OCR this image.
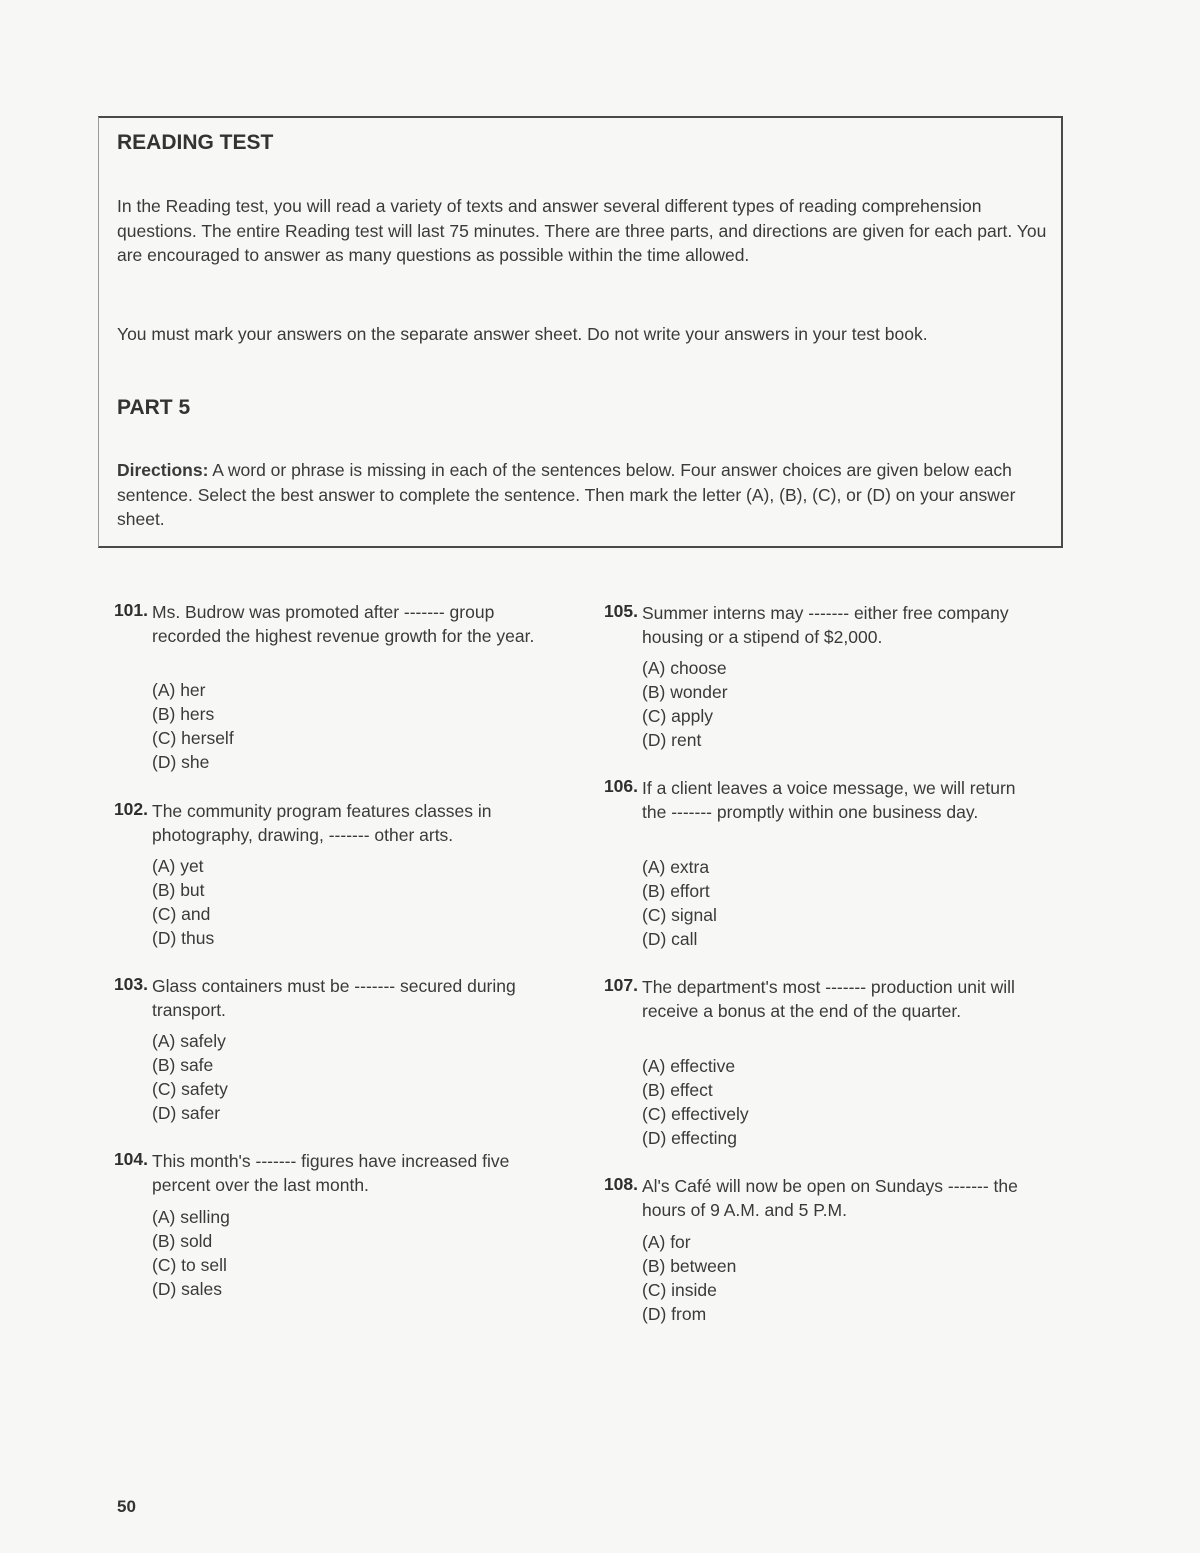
READING TEST

In the Reading test, you will read a variety of texts and answer several different types of reading comprehension questions. The entire Reading test will last 75 minutes. There are three parts, and directions are given for each part. You are encouraged to answer as many questions as possible within the time allowed.

You must mark your answers on the separate answer sheet. Do not write your answers in your test book.

PART 5

Directions: A word or phrase is missing in each of the sentences below. Four answer choices are given below each sentence. Select the best answer to complete the sentence. Then mark the letter (A), (B), (C), or (D) on your answer sheet.

101. Ms. Budrow was promoted after ------- group recorded the highest revenue growth for the year.

(A) her
(B) hers
(C) herself
(D) she
102. The community program features classes in photography, drawing, ------- other arts.

(A) yet
(B) but
(C) and
(D) thus
103. Glass containers must be ------- secured during transport.

(A) safely
(B) safe
(C) safety
(D) safer
104. This month's ------- figures have increased five percent over the last month.

(A) selling
(B) sold
(C) to sell
(D) sales
105. Summer interns may ------- either free company housing or a stipend of $2,000.

(A) choose
(B) wonder
(C) apply
(D) rent
106. If a client leaves a voice message, we will return the ------- promptly within one business day.

(A) extra
(B) effort
(C) signal
(D) call
107. The department's most ------- production unit will receive a bonus at the end of the quarter.

(A) effective
(B) effect
(C) effectively
(D) effecting
108. Al's Café will now be open on Sundays ------- the hours of 9 A.M. and 5 P.M.

(A) for
(B) between
(C) inside
(D) from
50
